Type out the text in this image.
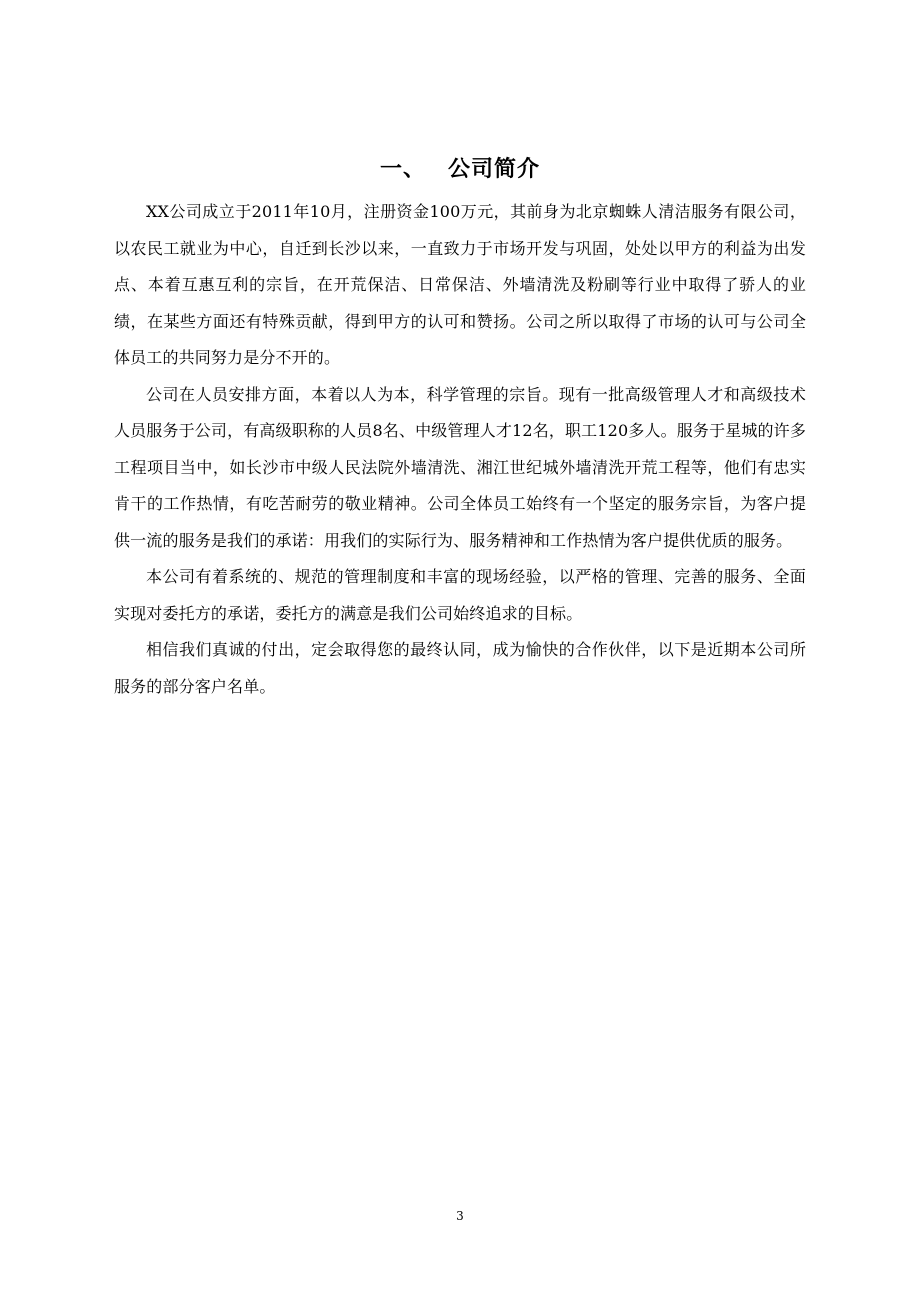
一、 公司简介

XX公司成立于2011年10月，注册资金100万元，其前身为北京蜘蛛人清洁服务有限公司，以农民工就业为中心，自迁到长沙以来，一直致力于市场开发与巩固，处处以甲方的利益为出发点、本着互惠互利的宗旨，在开荒保洁、日常保洁、外墙清洗及粉刷等行业中取得了骄人的业绩，在某些方面还有特殊贡献，得到甲方的认可和赞扬。公司之所以取得了市场的认可与公司全体员工的共同努力是分不开的。

公司在人员安排方面，本着以人为本，科学管理的宗旨。现有一批高级管理人才和高级技术人员服务于公司，有高级职称的人员8名、中级管理人才12名，职工120多人。服务于星城的许多工程项目当中，如长沙市中级人民法院外墙清洗、湘江世纪城外墙清洗开荒工程等，他们有忠实肯干的工作热情，有吃苦耐劳的敬业精神。公司全体员工始终有一个坚定的服务宗旨，为客户提供一流的服务是我们的承诺：用我们的实际行为、服务精神和工作热情为客户提供优质的服务。

本公司有着系统的、规范的管理制度和丰富的现场经验，以严格的管理、完善的服务、全面实现对委托方的承诺，委托方的满意是我们公司始终追求的目标。

相信我们真诚的付出，定会取得您的最终认同，成为愉快的合作伙伴，以下是近期本公司所服务的部分客户名单。

3
